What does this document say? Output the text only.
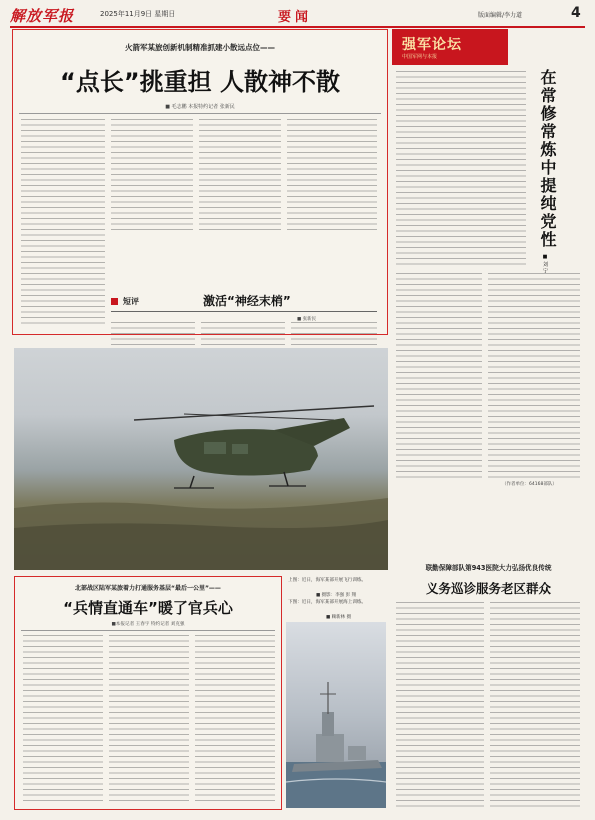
解放军报	2025年11月9日 星期日	要闻	版面编辑/李力道	4
火箭军某旅创新机制精准抓建小散远点位——
“点长”挑重担 人散神不散
■ 毛志鹏 本报特约记者 张新民
短评	激活“神经末梢”
■ 张新民
强军论坛
中国军网与本报
在常修常炼中提纯党性
■ 刘 宁
（作者单位：64168部队）
联勤保障部队第943医院大力弘扬优良传统
义务巡诊服务老区群众
北部战区陆军某旅着力打通服务基层“最后一公里”——
“兵情直通车”暖了官兵心
■本报记者 王春宇 特约记者 刘克强
上图：近日，海军某部开展飞行训练。
■ 摄影：李强 彭 翔
下图：近日，海军某部开展海上训练。
■ 赖新林 摄
